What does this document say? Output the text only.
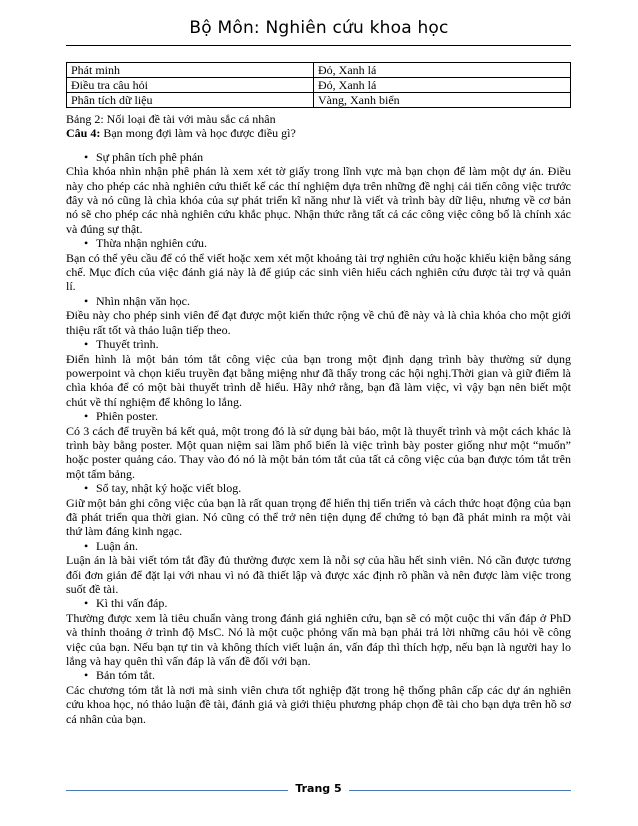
Bộ Môn: Nghiên cứu khoa học
Phát minh	Đỏ, Xanh lá
Điều tra câu hỏi	Đỏ, Xanh lá
Phân tích dữ liệu	Vàng, Xanh biển

Bảng 2: Nối loại đề tài với màu sắc cá nhân

Câu 4: Bạn mong đợi làm và học được điều gì?

• Sự phân tích phê phán

Chìa khóa nhìn nhận phê phán là xem xét tờ giấy trong lĩnh vực mà bạn chọn để làm một dự án. Điều này cho phép các nhà nghiên cứu thiết kế các thí nghiệm dựa trên những đề nghị cải tiến công việc trước đây và nó cũng là chìa khóa của sự phát triển kĩ năng như là viết và trình bày dữ liệu, nhưng về cơ bản nó sẽ cho phép các nhà nghiên cứu khắc phục. Nhận thức rằng tất cả các công việc công bố là chính xác và đúng sự thật.

• Thừa nhận nghiên cứu.

Bạn có thể yêu cầu để có thể viết hoặc xem xét một khoảng tài trợ nghiên cứu hoặc khiếu kiện bằng sáng chế. Mục đích của việc đánh giá này là để giúp các sinh viên hiểu cách nghiên cứu được tài trợ và quản lí.

• Nhìn nhận văn học.

Điều này cho phép sinh viên để đạt được một kiến thức rộng về chủ đề này và là chìa khóa cho một giới thiệu rất tốt và thảo luận tiếp theo.

• Thuyết trình.

Điển hình là một bản tóm tắt công việc của bạn trong một định dạng trình bày thường sử dụng powerpoint và chọn kiểu truyền đạt bằng miệng như đã thấy trong các hội nghị.Thời gian và giữ điểm là chìa khóa để có một bài thuyết trình dễ hiểu. Hãy nhớ rằng, bạn đã làm việc, vì vậy bạn nên biết một chút về thí nghiệm để không lo lắng.

• Phiên poster.

Có 3 cách để truyền bá kết quả, một trong đó là sử dụng bài báo, một là thuyết trình và một cách khác là trình bày bằng poster. Một quan niệm sai lầm phổ biến là việc trình bày poster giống như một “muốn” hoặc poster quảng cáo. Thay vào đó nó là một bản tóm tắt của tất cả công việc của bạn được tóm tắt trên một tấm bảng.

• Sổ tay, nhật ký hoặc viết blog.

Giữ một bản ghi công việc của bạn là rất quan trọng để hiển thị tiến triển và cách thức hoạt động của bạn đã phát triển qua thời gian. Nó cũng có thể trở nên tiện dụng để chứng tỏ bạn đã phát minh ra một vài thứ làm đáng kinh ngạc.

• Luận án.

Luận án là bài viết tóm tắt đầy đủ thường được xem là nỗi sợ của hầu hết sinh viên. Nó cần được tương đối đơn giản để đặt lại với nhau vì nó đã thiết lập và được xác định rõ phần và nên được làm việc trong suốt đề tài.

• Kì thi vấn đáp.

Thường được xem là tiêu chuẩn vàng trong đánh giá nghiên cứu, bạn sẽ có một cuộc thi vấn đáp ở PhD và thỉnh thoảng ở trình độ MsC. Nó là một cuộc phỏng vấn mà bạn phải trả lời những câu hỏi về công việc của bạn. Nếu bạn tự tin và không thích viết luận án, vấn đáp thì thích hợp, nếu bạn là người hay lo lắng và hay quên thì vấn đáp là vấn đề đối với bạn.

• Bản tóm tắt.

Các chương tóm tắt là nơi mà sinh viên chưa tốt nghiệp đặt trong hệ thống phân cấp các dự án nghiên cứu khoa học, nó thảo luận đề tài, đánh giá và giới thiệu phương pháp chọn đề tài cho bạn dựa trên hồ sơ cá nhân của bạn.

Trang 5
